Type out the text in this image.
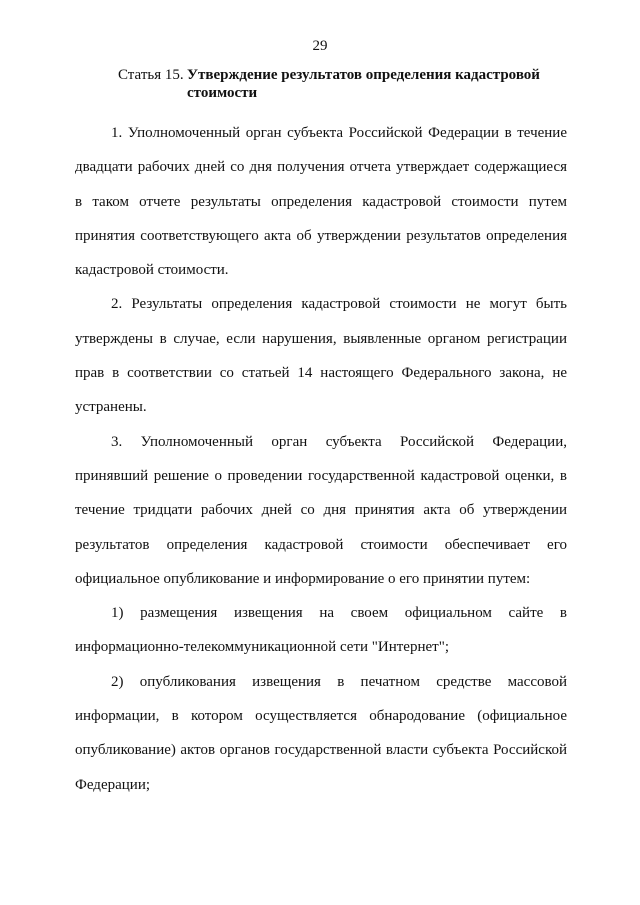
29
Статья 15. Утверждение результатов определения кадастровой стоимости

1. Уполномоченный орган субъекта Российской Федерации в течение двадцати рабочих дней со дня получения отчета утверждает содержащиеся в таком отчете результаты определения кадастровой стоимости путем принятия соответствующего акта об утверждении результатов определения кадастровой стоимости.

2. Результаты определения кадастровой стоимости не могут быть утверждены в случае, если нарушения, выявленные органом регистрации прав в соответствии со статьей 14 настоящего Федерального закона, не устранены.

3. Уполномоченный орган субъекта Российской Федерации, принявший решение о проведении государственной кадастровой оценки, в течение тридцати рабочих дней со дня принятия акта об утверждении результатов определения кадастровой стоимости обеспечивает его официальное опубликование и информирование о его принятии путем:

1) размещения извещения на своем официальном сайте в информационно-телекоммуникационной сети "Интернет";

2) опубликования извещения в печатном средстве массовой информации, в котором осуществляется обнародование (официальное опубликование) актов органов государственной власти субъекта Российской Федерации;
